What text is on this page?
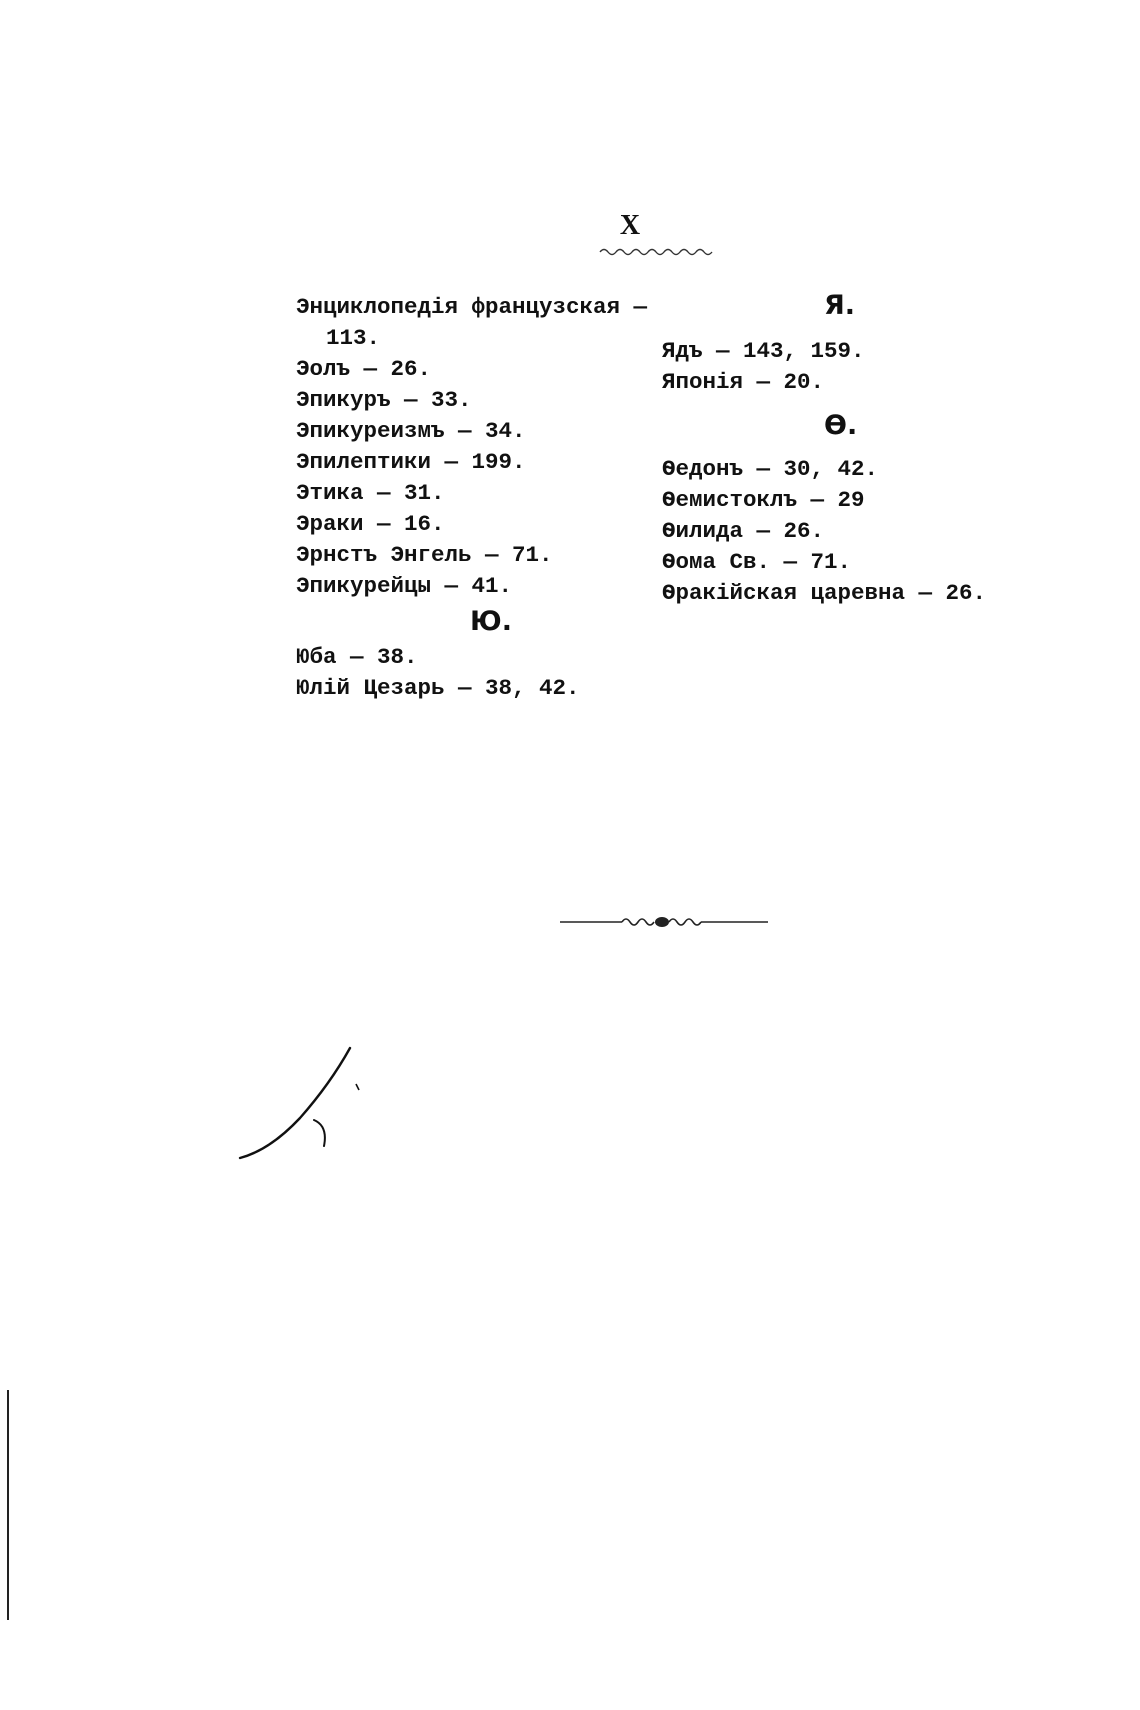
X
Энциклопедія французская —
113.
Эолъ — 26.
Эпикуръ — 33.
Эпикуреизмъ — 34.
Эпилептики — 199.
Этика — 31.
Эраки — 16.
Эрнстъ Энгель — 71.
Эпикурейцы — 41.
Ю.
Юба — 38.
Юлій Цезарь — 38, 42.
Я.
Ядъ — 143, 159.
Японія — 20.
Ѳ.
Ѳедонъ — 30, 42.
Ѳемистоклъ — 29
Ѳилида — 26.
Ѳома Св. — 71.
Ѳракійская царевна — 26.
